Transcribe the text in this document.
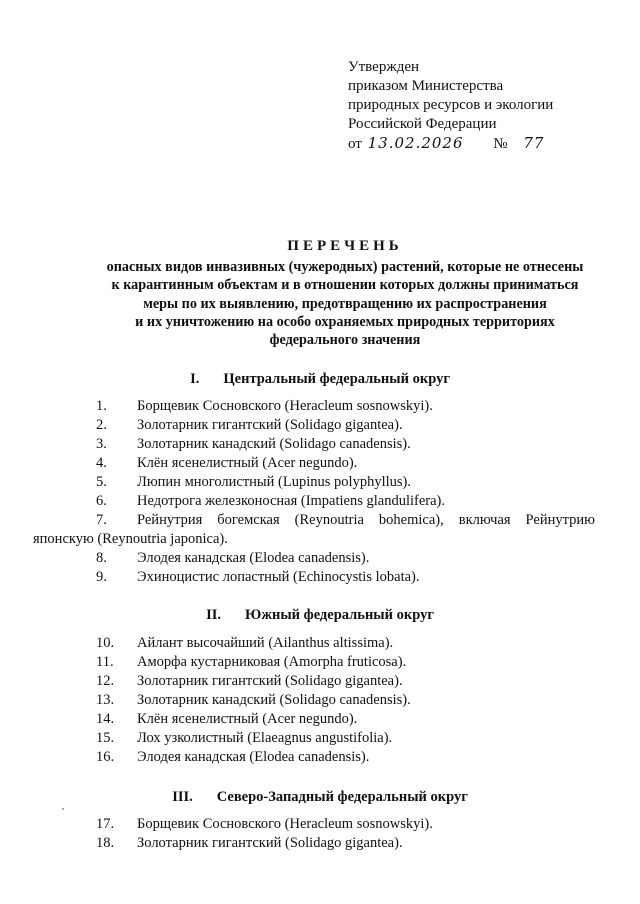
Утвержден
приказом Министерства
природных ресурсов и экологии
Российской Федерации
от 13.02.2026 № 77
ПЕРЕЧЕНЬ
опасных видов инвазивных (чужеродных) растений, которые не отнесены
к карантинным объектам и в отношении которых должны приниматься
меры по их выявлению, предотвращению их распространения
и их уничтожению на особо охраняемых природных территориях
федерального значения
I. Центральный федеральный округ
1. Борщевик Сосновского (Heracleum sosnowskyi).
2. Золотарник гигантский (Solidago gigantea).
3. Золотарник канадский (Solidago canadensis).
4. Клён ясенелистный (Acer negundo).
5. Люпин многолистный (Lupinus polyphyllus).
6. Недотрога железконосная (Impatiens glandulifera).
7. Рейнутрия богемская (Reynoutria bohemica), включая Рейнутрию
японскую (Reynoutria japonica).
8. Элодея канадская (Elodea canadensis).
9. Эхиноцистис лопастный (Echinocystis lobata).
II. Южный федеральный округ
10. Айлант высочайший (Ailanthus altissima).
11. Аморфа кустарниковая (Amorpha fruticosa).
12. Золотарник гигантский (Solidago gigantea).
13. Золотарник канадский (Solidago canadensis).
14. Клён ясенелистный (Acer negundo).
15. Лох узколистный (Elaeagnus angustifolia).
16. Элодея канадская (Elodea canadensis).
III. Северо-Западный федеральный округ
17. Борщевик Сосновского (Heracleum sosnowskyi).
18. Золотарник гигантский (Solidago gigantea).
